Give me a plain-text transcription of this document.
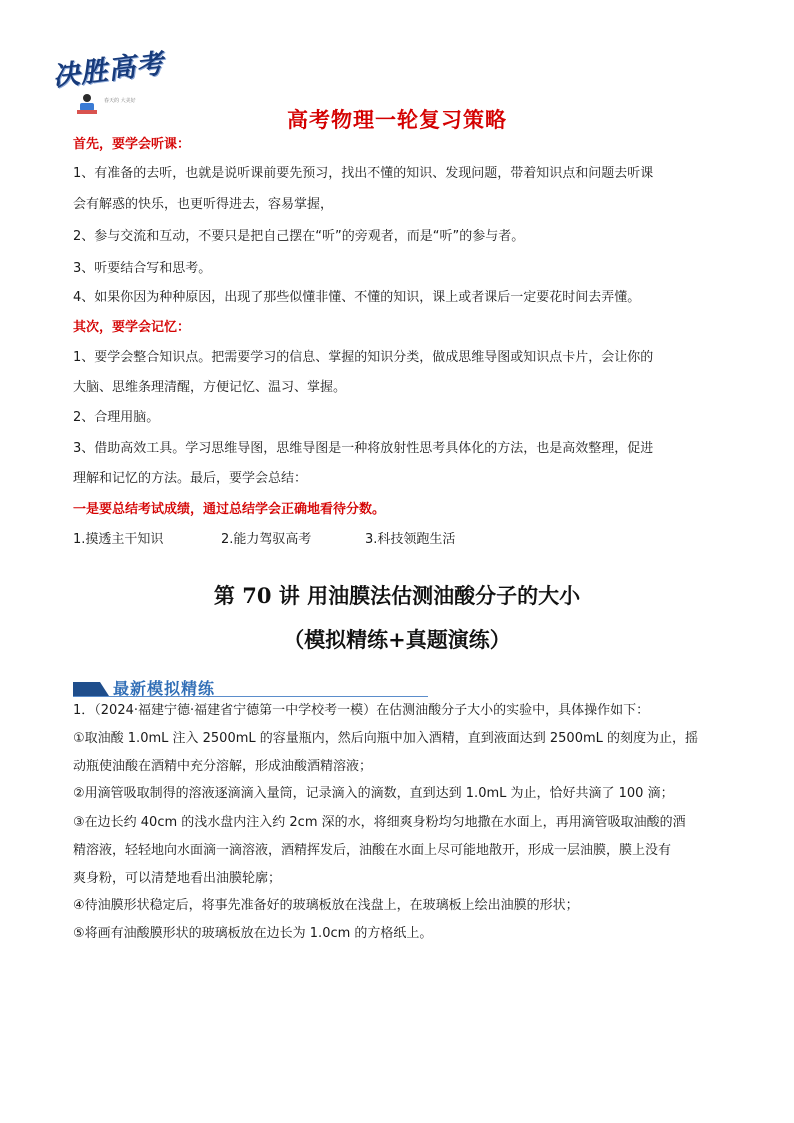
决胜高考
春天的 大美好
高考物理一轮复习策略
首先，要学会听课：
1、有准备的去听，也就是说听课前要先预习，找出不懂的知识、发现问题，带着知识点和问题去听课
会有解惑的快乐，也更听得进去，容易掌握，
2、参与交流和互动，不要只是把自己摆在“听”的旁观者，而是“听”的参与者。
3、听要结合写和思考。
4、如果你因为种种原因，出现了那些似懂非懂、不懂的知识，课上或者课后一定要花时间去弄懂。
其次，要学会记忆：
1、要学会整合知识点。把需要学习的信息、掌握的知识分类，做成思维导图或知识点卡片，会让你的
大脑、思维条理清醒，方便记忆、温习、掌握。
2、合理用脑。
3、借助高效工具。学习思维导图，思维导图是一种将放射性思考具体化的方法，也是高效整理，促进
理解和记忆的方法。最后，要学会总结：
一是要总结考试成绩，通过总结学会正确地看待分数。
1.摸透主干知识	2.能力驾驭高考	3.科技领跑生活
第 70 讲 用油膜法估测油酸分子的大小
（模拟精练+真题演练）
最新模拟精练
1．（2024·福建宁德·福建省宁德第一中学校考一模）在估测油酸分子大小的实验中，具体操作如下：
①取油酸 1.0mL 注入 2500mL 的容量瓶内，然后向瓶中加入酒精，直到液面达到 2500mL 的刻度为止，摇
动瓶使油酸在酒精中充分溶解，形成油酸酒精溶液；
②用滴管吸取制得的溶液逐滴滴入量筒，记录滴入的滴数，直到达到 1.0mL 为止，恰好共滴了 100 滴；
③在边长约 40cm 的浅水盘内注入约 2cm 深的水，将细爽身粉均匀地撒在水面上，再用滴管吸取油酸的酒
精溶液，轻轻地向水面滴一滴溶液，酒精挥发后，油酸在水面上尽可能地散开，形成一层油膜，膜上没有
爽身粉，可以清楚地看出油膜轮廓；
④待油膜形状稳定后，将事先准备好的玻璃板放在浅盘上，在玻璃板上绘出油膜的形状；
⑤将画有油酸膜形状的玻璃板放在边长为 1.0cm 的方格纸上。
